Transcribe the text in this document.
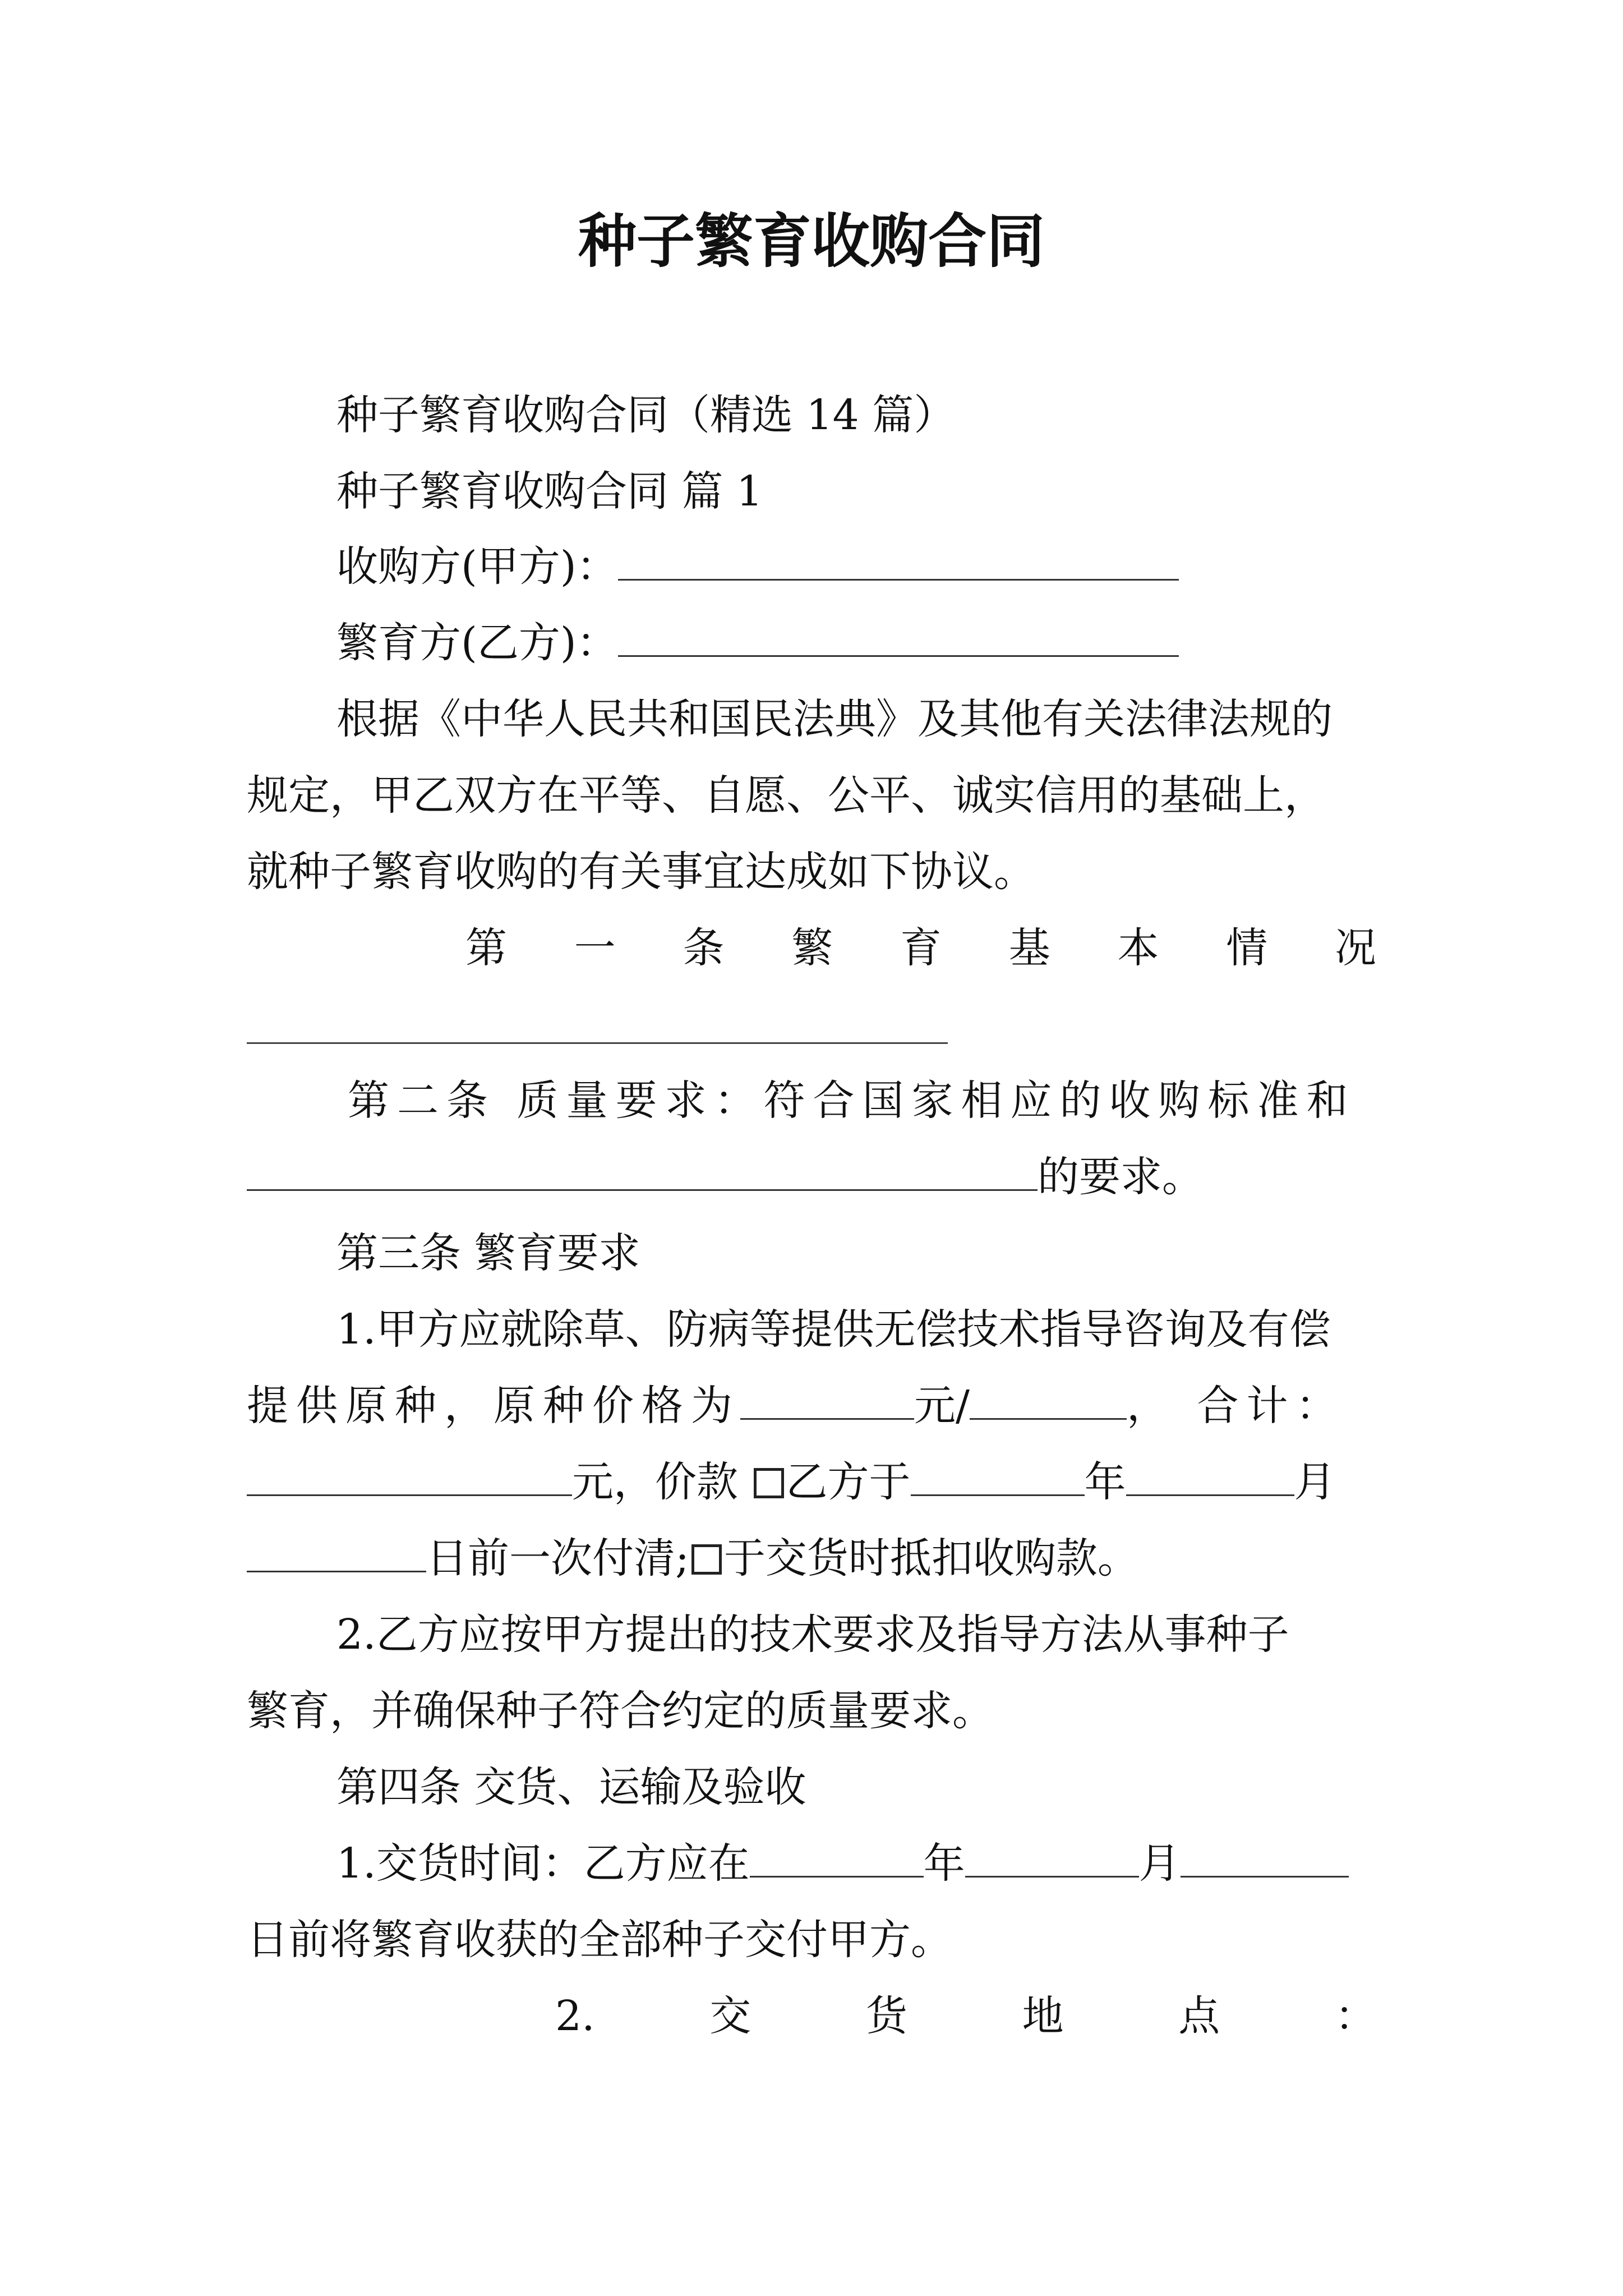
种子繁育收购合同
种子繁育收购合同（精选 14 篇）
种子繁育收购合同 篇 1
收购方(甲方)：
繁育方(乙方)：
根据《中华人民共和国民法典》及其他有关法律法规的
规定，甲乙双方在平等、自愿、公平、诚实信用的基础上，
就种子繁育收购的有关事宜达成如下协议。
第 一 条 繁 育 基 本 情 况
第二条 质量要求：符合国家相应的收购标准和
的要求。
第三条 繁育要求
1.甲方应就除草、防病等提供无偿技术指导咨询及有偿
提供原种，原种价格为	元/	， 合计：
元，价款 乙方于	年	月
日前一次付清; 于交货时抵扣收购款。
2.乙方应按甲方提出的技术要求及指导方法从事种子
繁育，并确保种子符合约定的质量要求。
第四条 交货、运输及验收
1.交货时间：乙方应在	年	月
日前将繁育收获的全部种子交付甲方。
2.	交	货	地	点	：
